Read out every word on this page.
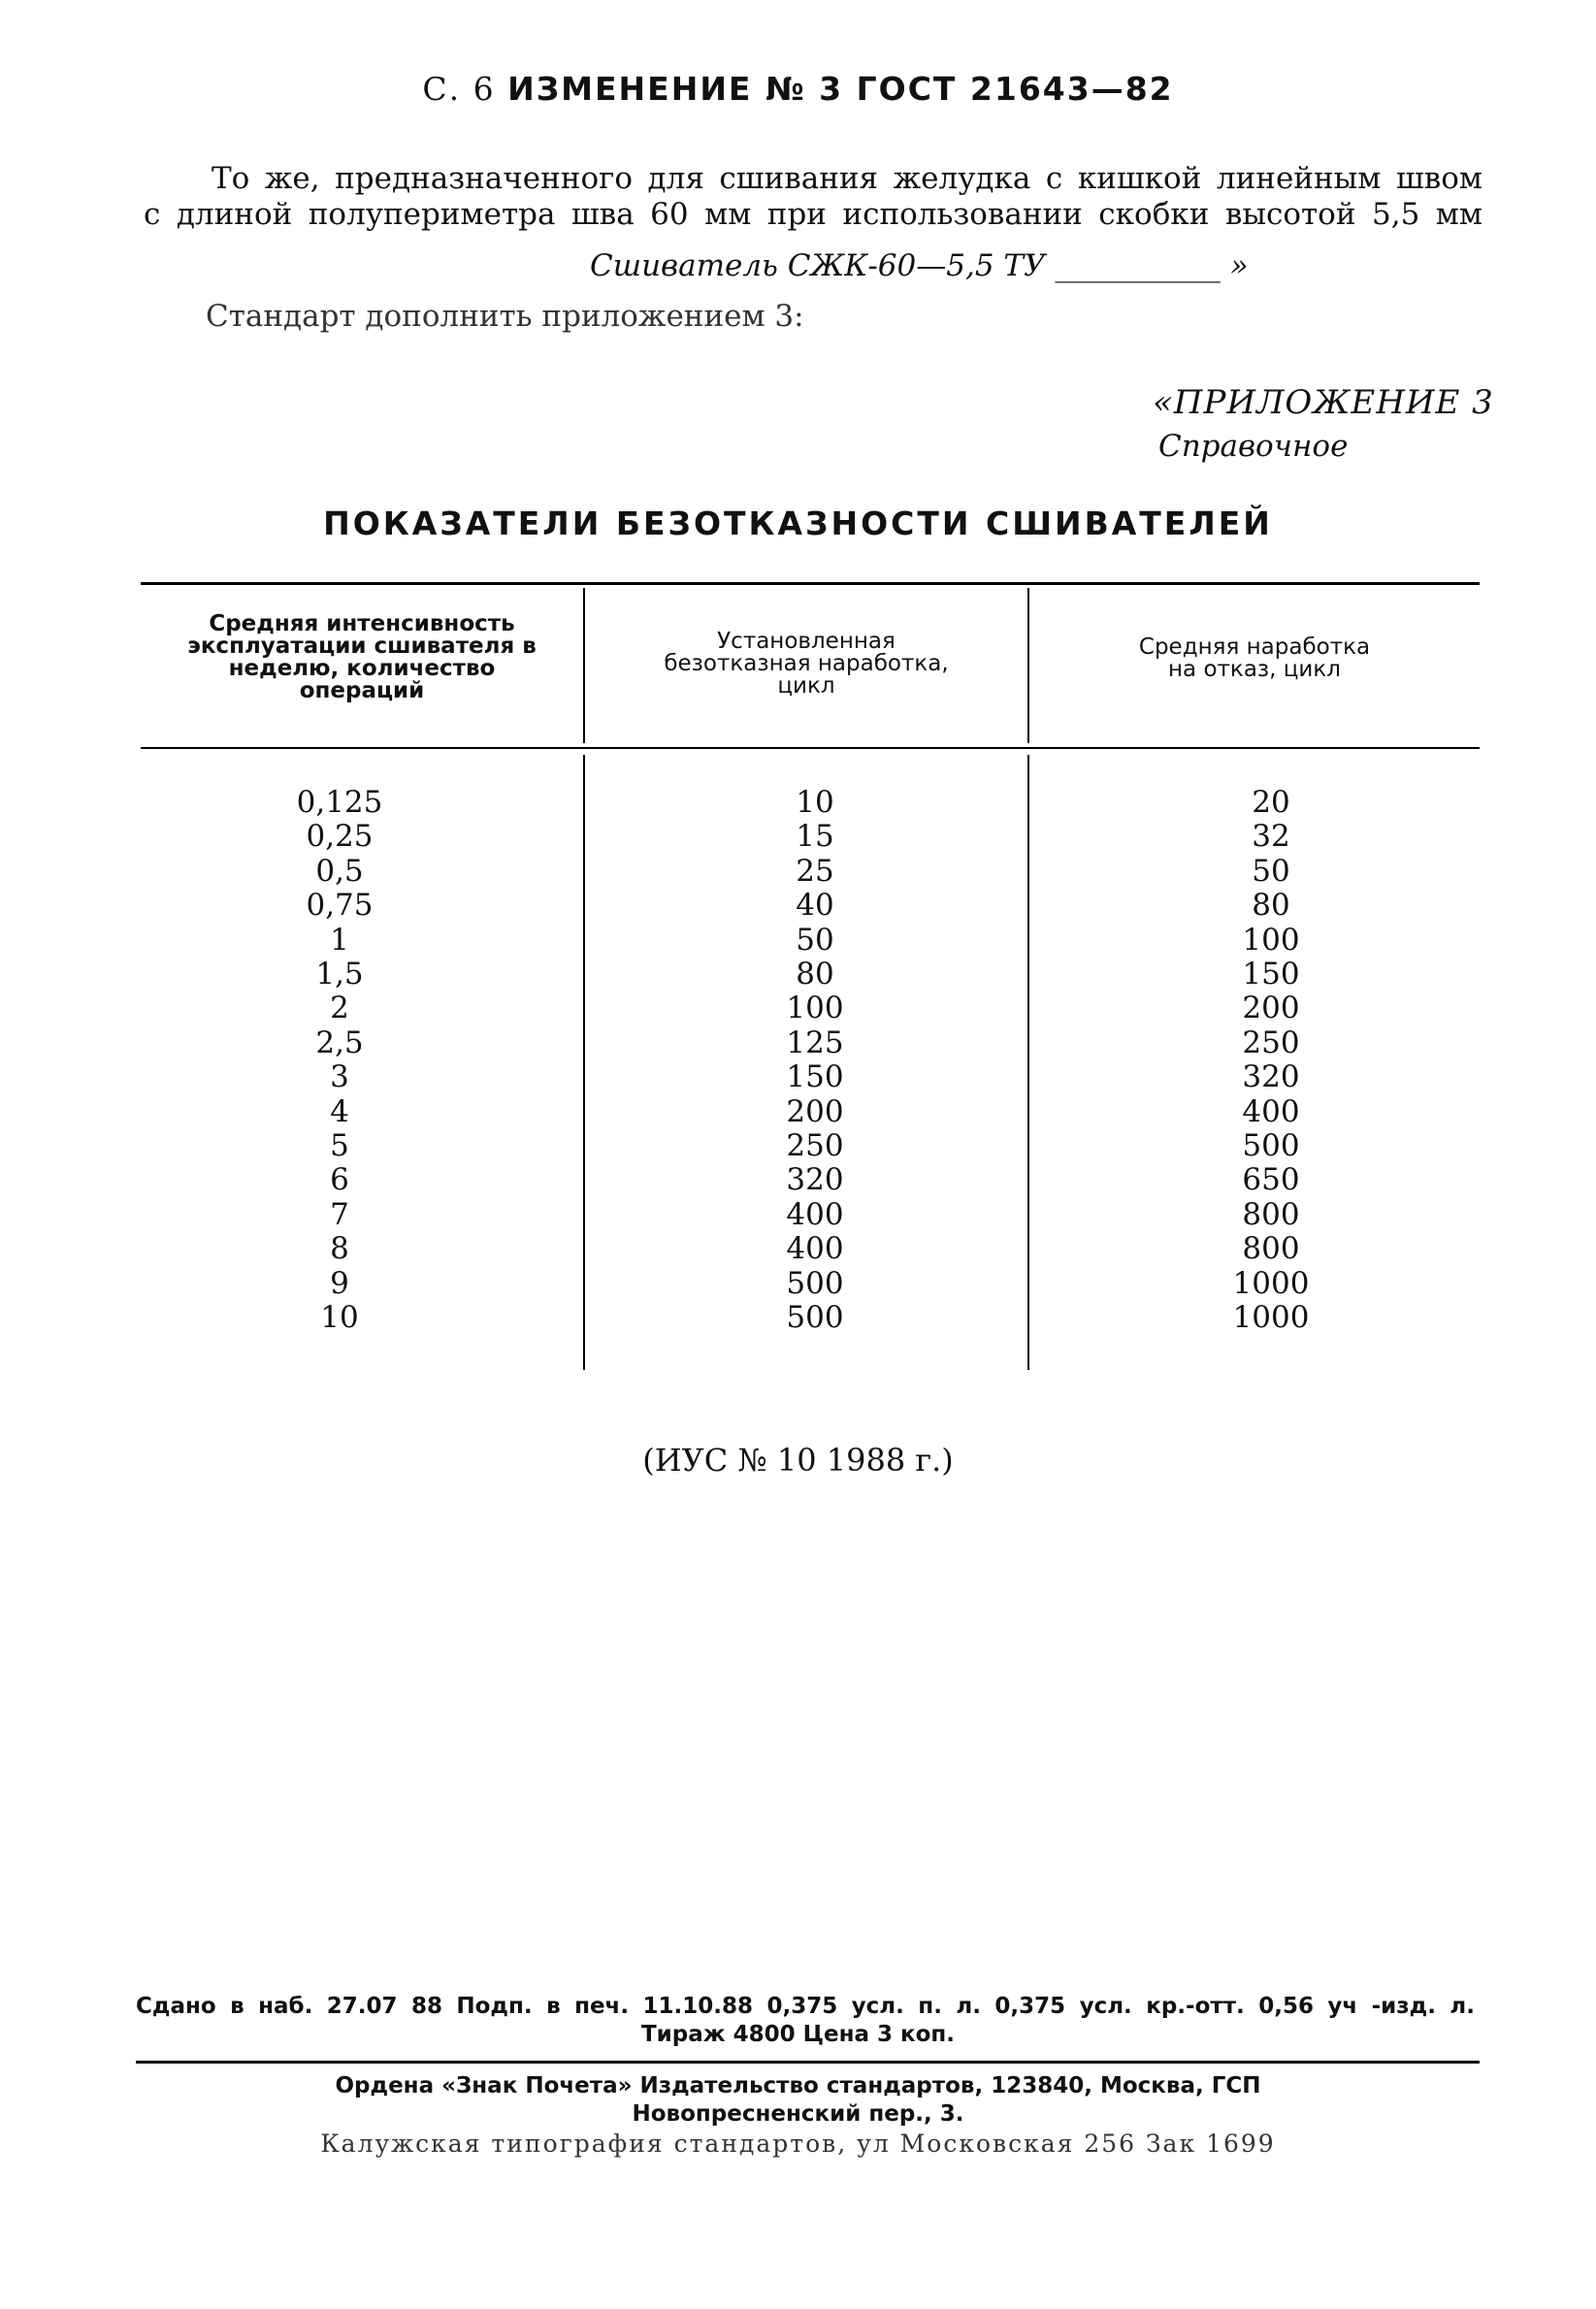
С. 6 ИЗМЕНЕНИЕ № 3 ГОСТ 21643—82
То же, предназначенного для сшивания желудка с кишкой линейным швом
с длиной полупериметра шва 60 мм при использовании скобки высотой 5,5 мм
Сшиватель СЖК-60—5,5 ТУ ___________ »
Стандарт дополнить приложением 3:
«ПРИЛОЖЕНИЕ 3
Справочное
ПОКАЗАТЕЛИ БЕЗОТКАЗНОСТИ СШИВАТЕЛЕЙ
Средняя интенсивность
эксплуатации сшивателя в
неделю, количество
операций
Установленная
безотказная наработка,
цикл
Средняя наработка
на отказ, цикл
0,125
0,25
0,5
0,75
1
1,5
2
2,5
3
4
5
6
7
8
9
10
10
15
25
40
50
80
100
125
150
200
250
320
400
400
500
500
20
32
50
80
100
150
200
250
320
400
500
650
800
800
1000
1000
(ИУС № 10 1988 г.)
Сдано в наб. 27.07 88 Подп. в печ. 11.10.88 0,375 усл. п. л. 0,375 усл. кр.-отт. 0,56 уч -изд. л.
Тираж 4800 Цена 3 коп.
Ордена «Знак Почета» Издательство стандартов, 123840, Москва, ГСП
Новопресненский пер., 3.
Калужская типография стандартов, ул Московская 256 Зак 1699
